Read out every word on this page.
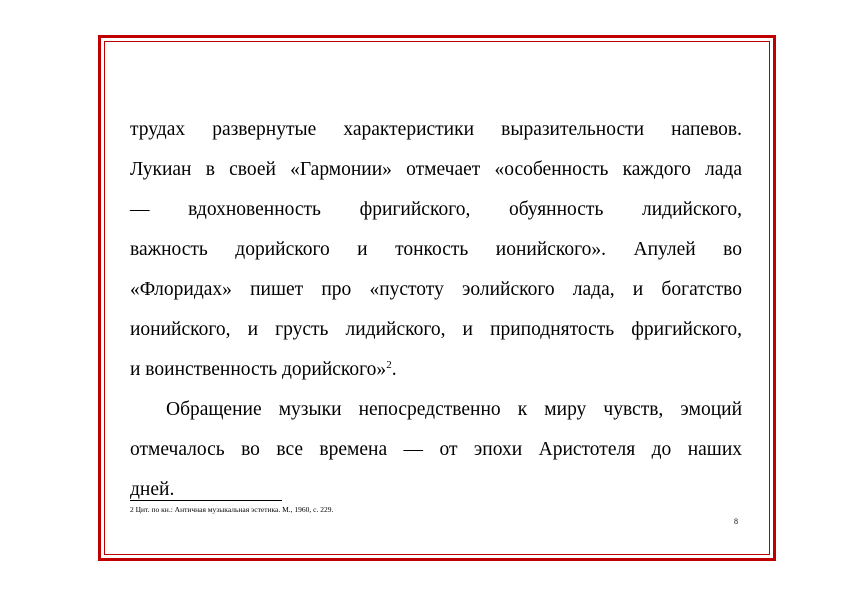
трудах развернутые характеристики выразительности напевов.
Лукиан в своей «Гармонии» отмечает «особенность каждого лада
— вдохновенность фригийского, обуянность лидийского,
важность дорийского и тонкость ионийского». Апулей во
«Флоридах» пишет про «пустоту эолийского лада, и богатство
ионийского, и грусть лидийского, и приподнятость фригийского,
и воинственность дорийского»$^2$.
Обращение музыки непосредственно к миру чувств, эмоций
отмечалось во все времена — от эпохи Аристотеля до наших
дней.
2 Цит. по кн.: Античная музыкальная эстетика. М., 1960, с. 229.
8
